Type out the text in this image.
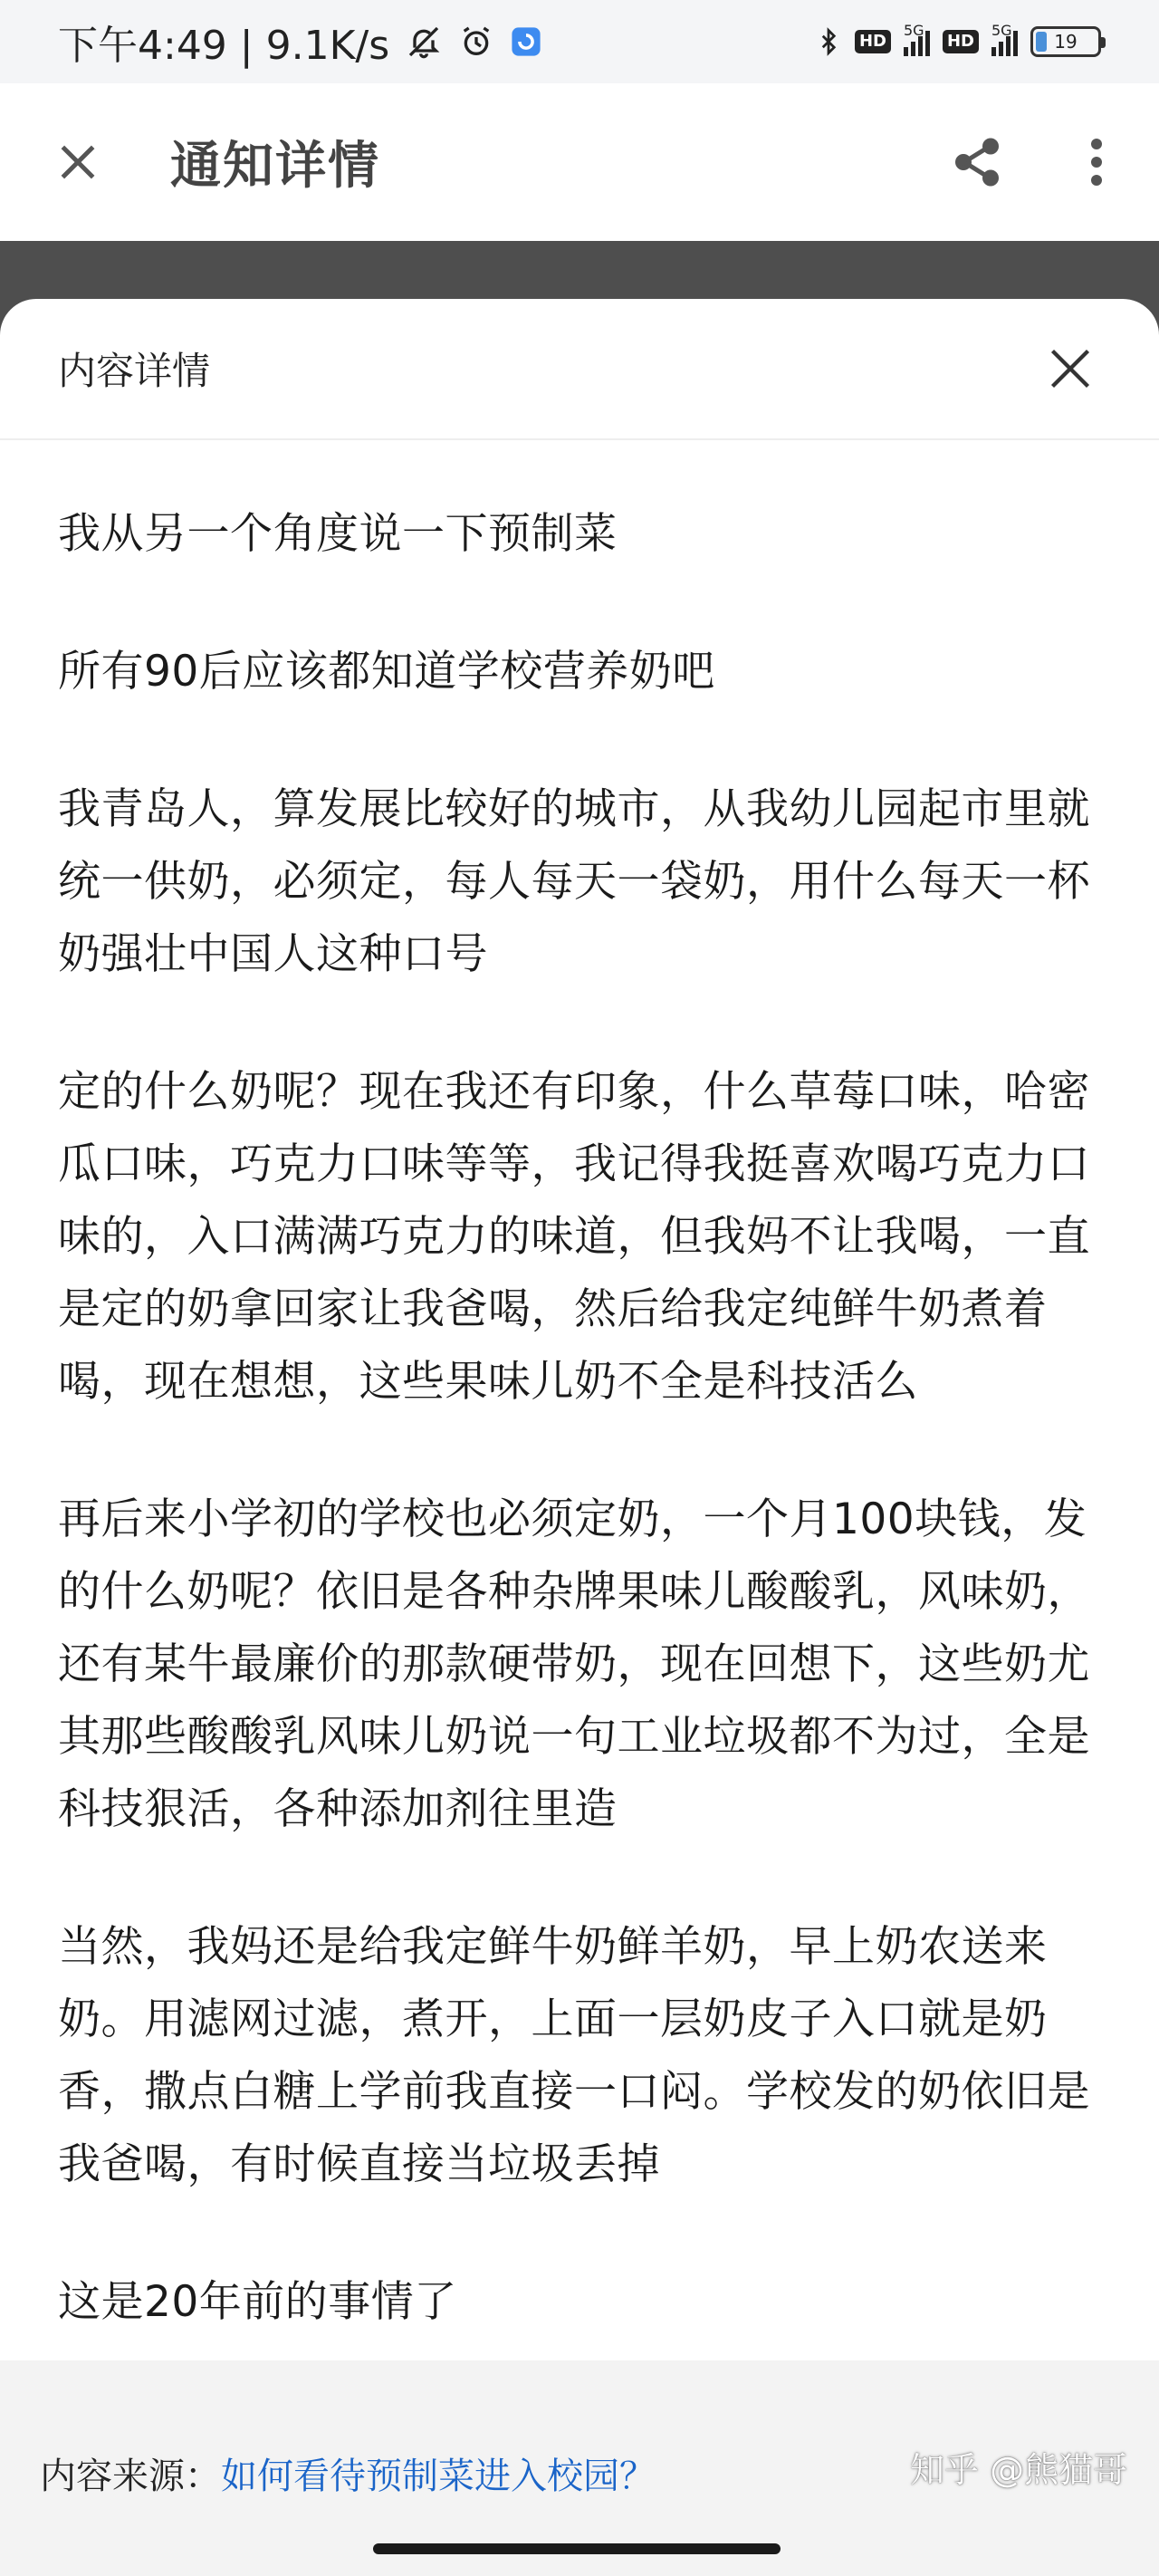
下午4:49 | 9.1K/s	HD
5G
HD
5G
19
通知详情
内容详情

我从另一个角度说一下预制菜

所有90后应该都知道学校营养奶吧

我青岛人，算发展比较好的城市，从我幼儿园起市里就统一供奶，必须定，每人每天一袋奶，用什么每天一杯奶强壮中国人这种口号

定的什么奶呢？现在我还有印象，什么草莓口味，哈密瓜口味，巧克力口味等等，我记得我挺喜欢喝巧克力口味的，入口满满巧克力的味道，但我妈不让我喝，一直是定的奶拿回家让我爸喝，然后给我定纯鲜牛奶煮着喝，现在想想，这些果味儿奶不全是科技活么

再后来小学初的学校也必须定奶，一个月100块钱，发的什么奶呢？依旧是各种杂牌果味儿酸酸乳，风味奶，还有某牛最廉价的那款硬带奶，现在回想下，这些奶尤其那些酸酸乳风味儿奶说一句工业垃圾都不为过，全是科技狠活，各种添加剂往里造

当然，我妈还是给我定鲜牛奶鲜羊奶，早上奶农送来奶。用滤网过滤，煮开，上面一层奶皮子入口就是奶香，撒点白糖上学前我直接一口闷。学校发的奶依旧是我爸喝，有时候直接当垃圾丢掉

这是20年前的事情了

内容来源： 如何看待预制菜进入校园？	知乎 @熊猫哥
